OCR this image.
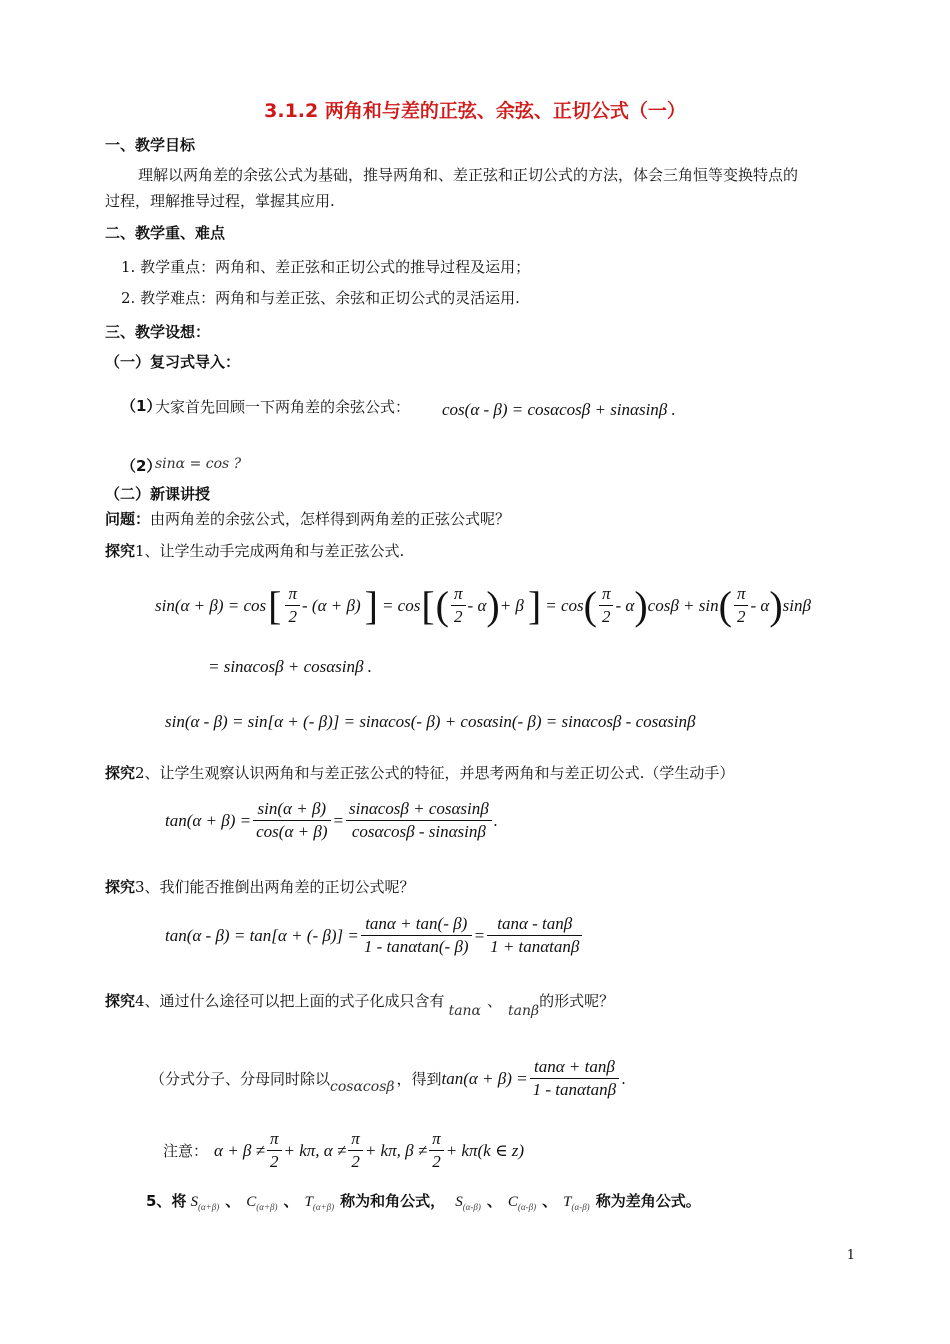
3.1.2 两角和与差的正弦、余弦、正切公式（一）
一、教学目标
理解以两角差的余弦公式为基础，推导两角和、差正弦和正切公式的方法，体会三角恒等变换特点的
过程，理解推导过程，掌握其应用.
二、教学重、难点
1. 教学重点：两角和、差正弦和正切公式的推导过程及运用；
2. 教学难点：两角和与差正弦、余弦和正切公式的灵活运用.
三、教学设想：
（一）复习式导入：
（1）
大家首先回顾一下两角差的余弦公式： cos(α - β) = cosαcosβ + sinαsinβ .
（2）
sinα = cos ?
（二）新课讲授
问题：由两角差的余弦公式，怎样得到两角差的正弦公式呢？
探究1、让学生动手完成两角和与差正弦公式.
sin(α + β) = cos [ $\frac{\pi}{2} - (\alpha + \beta)$ ] = cos [ ( $\frac{\pi}{2}$ - α ) + β ] = cos ( $\frac{\pi}{2}$ - α ) cosβ + sin ( $\frac{\pi}{2}$ - α ) sinβ
= sinαcosβ + cosαsinβ .
sin(α - β) = sin[α + (- β)] = sinαcos(- β) + cosαsin(- β) = sinαcosβ - cosαsinβ
探究2、让学生观察认识两角和与差正弦公式的特征，并思考两角和与差正切公式.（学生动手）
$\tan(\alpha + \beta) = \frac{\sin(\alpha + \beta)}{\cos(\alpha + \beta)} = \frac{\sin\alpha\cos\beta + \cos\alpha\sin\beta}{\cos\alpha\cos\beta - \sin\alpha\sin\beta}$ .
探究3、我们能否推倒出两角差的正切公式呢？
tan(α - β) = tan[α + (- $\beta)] = \frac{\tan\alpha + \tan(- \beta)}{1 - \tan\alpha\tan(- \beta)} = \frac{\tan\alpha - \tan\beta}{1 + \tan\alpha\tan\beta}$
探究 4、通过什么途径可以把上面的式子化成只含有
tanα
、
tanβ
的形式呢？
（分式分子、分母同时除以 cosαcosβ ，得到 $\tan(\alpha + \beta) = \frac{\tan\alpha + \tan\beta}{1 - \tan\alpha\tan\beta}$ .
注意： $\alpha + \beta \ne \frac{\pi}{2} + k\pi$, $\alpha \ne \frac{\pi}{2} + k\pi$, $\beta \ne \frac{\pi}{2} + k\pi(k$ ∈ z)
5、将 $S_{(\alpha+\beta)}$ 、 $C_{(\alpha+\beta)}$ 、 $T_{(\alpha+\beta)}$ 称为和角公式， $S_{(\alpha-\beta)}$ 、 $C_{(\alpha-\beta)}$ 、 $T_{(\alpha-\beta)}$ 称为差角公式。
1
